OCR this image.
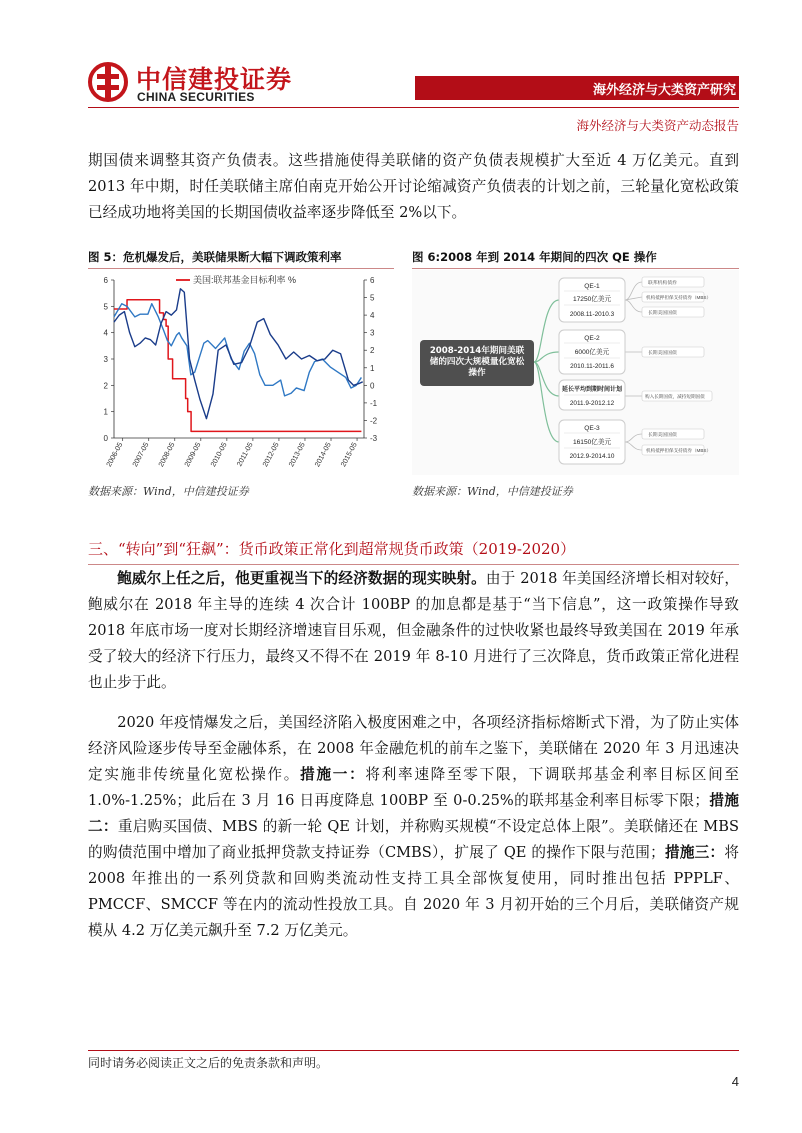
中信建投证券
CHINA SECURITIES	海外经济与大类资产研究
海外经济与大类资产动态报告

期国债来调整其资产负债表。这些措施使得美联储的资产负债表规模扩大至近 4 万亿美元。直到 2013 年中期，时任美联储主席伯南克开始公开讨论缩减资产负债表的计划之前，三轮量化宽松政策已经成功地将美国的长期国债收益率逐步降低至 2%以下。

图 5：危机爆发后，美联储果断大幅下调政策利率	图 6:2008 年到 2014 年期间的四次 QE 操作
0
1
2
3
4
5
6
-3
-2
-1
0
1
2
3
4
5
6
2006-05 2007-05 2008-05 2009-05 2010-05 2011-05 2012-05 2013-05 2014-05 2015-05
美国:联邦基金目标利率 %
2008-2014年期间美联储的四次大规模量化宽松操作
QE-1
17250亿美元
2008.11-2010.3
联邦机构债券
机构抵押担保支持债券（MBS）
长期美国国债
QE-2
6000亿美元
2010.11-2011.6
长期美国国债
延长平均到期时间计划
2011.9-2012.12
购入长期国债，减持短期国债
QE-3
16150亿美元
2012.9-2014.10
长期美国国债
机构抵押担保支持债券（MBS）
数据来源：Wind，中信建投证券	数据来源：Wind，中信建投证券
三、“转向”到“狂飙”：货币政策正常化到超常规货币政策（2019-2020）

鲍威尔上任之后，他更重视当下的经济数据的现实映射。由于 2018 年美国经济增长相对较好，鲍威尔在 2018 年主导的连续 4 次合计 100BP 的加息都是基于“当下信息”，这一政策操作导致 2018 年底市场一度对长期经济增速盲目乐观，但金融条件的过快收紧也最终导致美国在 2019 年承受了较大的经济下行压力，最终又不得不在 2019 年 8-10 月进行了三次降息，货币政策正常化进程也止步于此。

2020 年疫情爆发之后，美国经济陷入极度困难之中，各项经济指标熔断式下滑，为了防止实体经济风险逐步传导至金融体系，在 2008 年金融危机的前车之鉴下，美联储在 2020 年 3 月迅速决定实施非传统量化宽松操作。措施一：将利率速降至零下限，下调联邦基金利率目标区间至 1.0%-1.25%；此后在 3 月 16 日再度降息 100BP 至 0-0.25%的联邦基金利率目标零下限；措施二：重启购买国债、MBS 的新一轮 QE 计划，并称购买规模“不设定总体上限”。美联储还在 MBS 的购债范围中增加了商业抵押贷款支持证券（CMBS），扩展了 QE 的操作下限与范围；措施三：将 2008 年推出的一系列贷款和回购类流动性支持工具全部恢复使用，同时推出包括 PPPLF、PMCCF、SMCCF 等在内的流动性投放工具。自 2020 年 3 月初开始的三个月后，美联储资产规模从 4.2 万亿美元飙升至 7.2 万亿美元。

同时请务必阅读正文之后的免责条款和声明。
4
